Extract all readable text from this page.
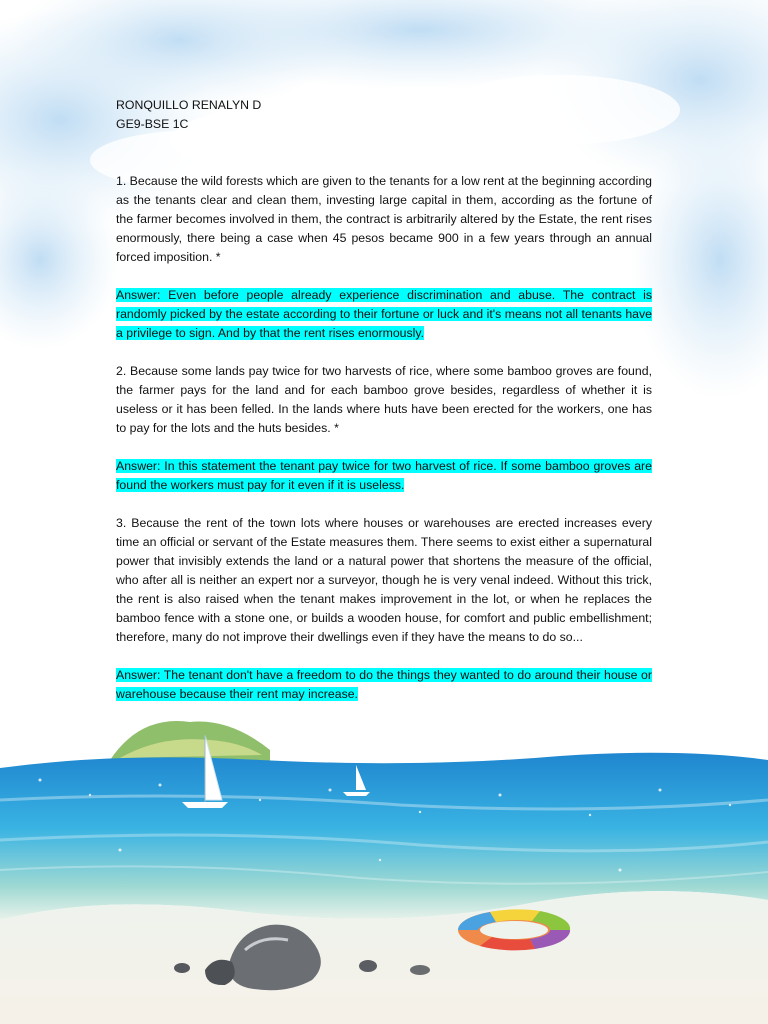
RONQUILLO RENALYN D

GE9-BSE 1C

1. Because the wild forests which are given to the tenants for a low rent at the beginning according as the tenants clear and clean them, investing large capital in them, according as the fortune of the farmer becomes involved in them, the contract is arbitrarily altered by the Estate, the rent rises enormously, there being a case when 45 pesos became 900 in a few years through an annual forced imposition. *

Answer: Even before people already experience discrimination and abuse. The contract is randomly picked by the estate according to their fortune or luck and it's means not all tenants have a privilege to sign. And by that the rent rises enormously.

2. Because some lands pay twice for two harvests of rice, where some bamboo groves are found, the farmer pays for the land and for each bamboo grove besides, regardless of whether it is useless or it has been felled. In the lands where huts have been erected for the workers, one has to pay for the lots and the huts besides. *

Answer: In this statement the tenant pay twice for two harvest of rice. If some bamboo groves are found the workers must pay for it even if it is useless.

3. Because the rent of the town lots where houses or warehouses are erected increases every time an official or servant of the Estate measures them. There seems to exist either a supernatural power that invisibly extends the land or a natural power that shortens the measure of the official, who after all is neither an expert nor a surveyor, though he is very venal indeed. Without this trick, the rent is also raised when the tenant makes improvement in the lot, or when he replaces the bamboo fence with a stone one, or builds a wooden house, for comfort and public embellishment; therefore, many do not improve their dwellings even if they have the means to do so...

Answer: The tenant don't have a freedom to do the things they wanted to do around their house or warehouse because their rent may increase.
